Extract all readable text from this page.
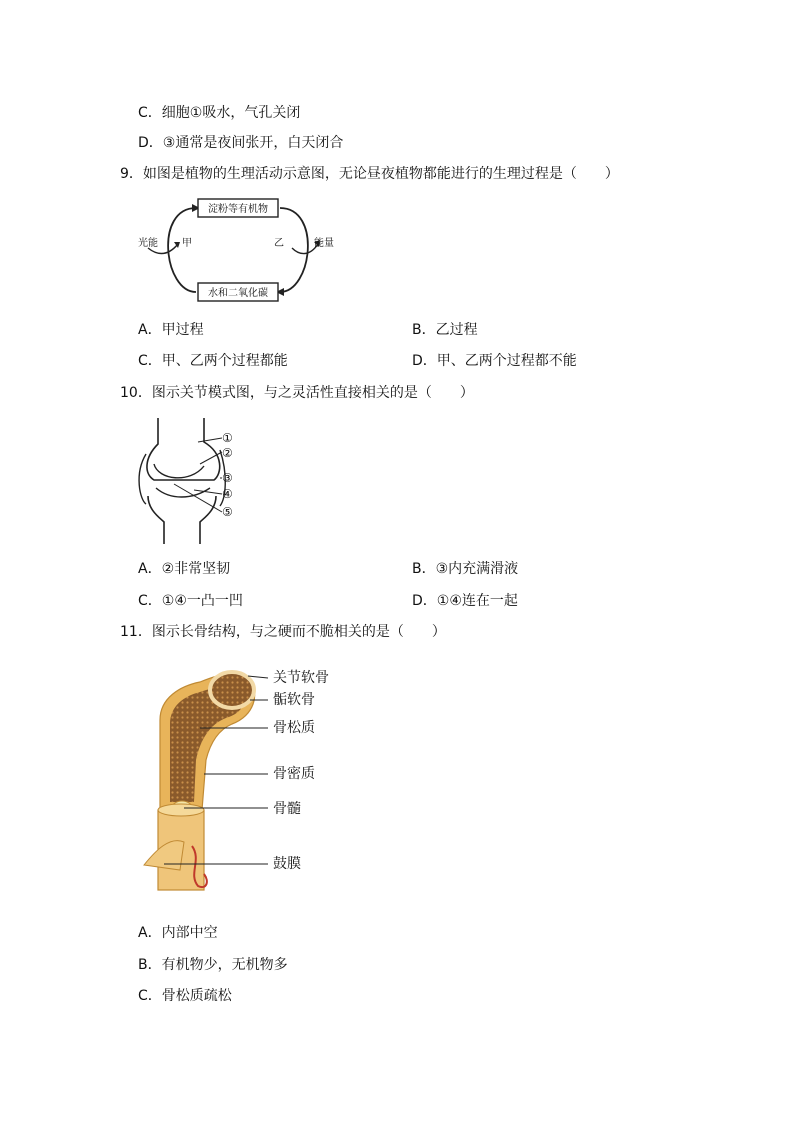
C．细胞①吸水，气孔关闭
D．③通常是夜间张开，白天闭合
9．如图是植物的生理活动示意图，无论昼夜植物都能进行的生理过程是（　　）
淀粉等有机物
水和二氧化碳
光能 甲	乙	能量
A．甲过程	B．乙过程
C．甲、乙两个过程都能	D．甲、乙两个过程都不能
10．图示关节模式图，与之灵活性直接相关的是（　　）
①
②
③
④
⑤
A．②非常坚韧	B．③内充满滑液
C．①④一凸一凹	D．①④连在一起
11．图示长骨结构，与之硬而不脆相关的是（　　）
关节软骨
骺软骨
骨松质
骨密质
骨髓
鼓膜
A．内部中空
B．有机物少，无机物多
C．骨松质疏松
